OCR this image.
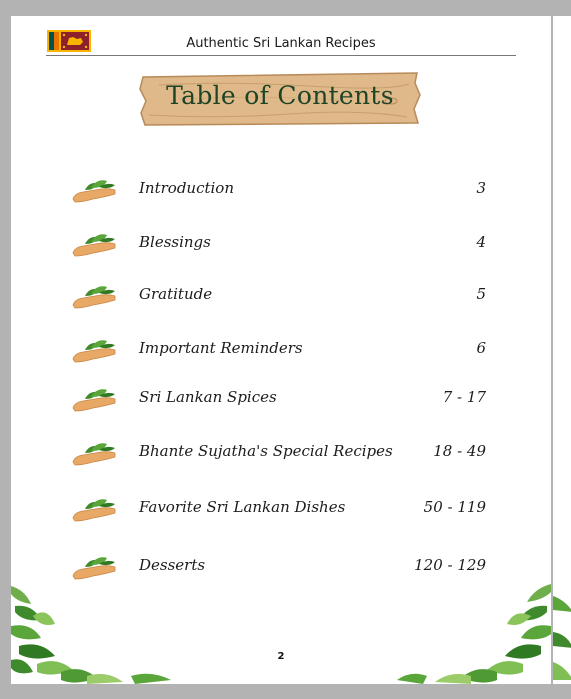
Authentic Sri Lankan Recipes
Table of Contents
Introduction	3
Blessings	4
Gratitude	5
Important Reminders	6
Sri Lankan Spices	7 - 17
Bhante Sujatha's Special Recipes	18 - 49
Favorite Sri Lankan Dishes	50 - 119
Desserts	120 - 129
2
